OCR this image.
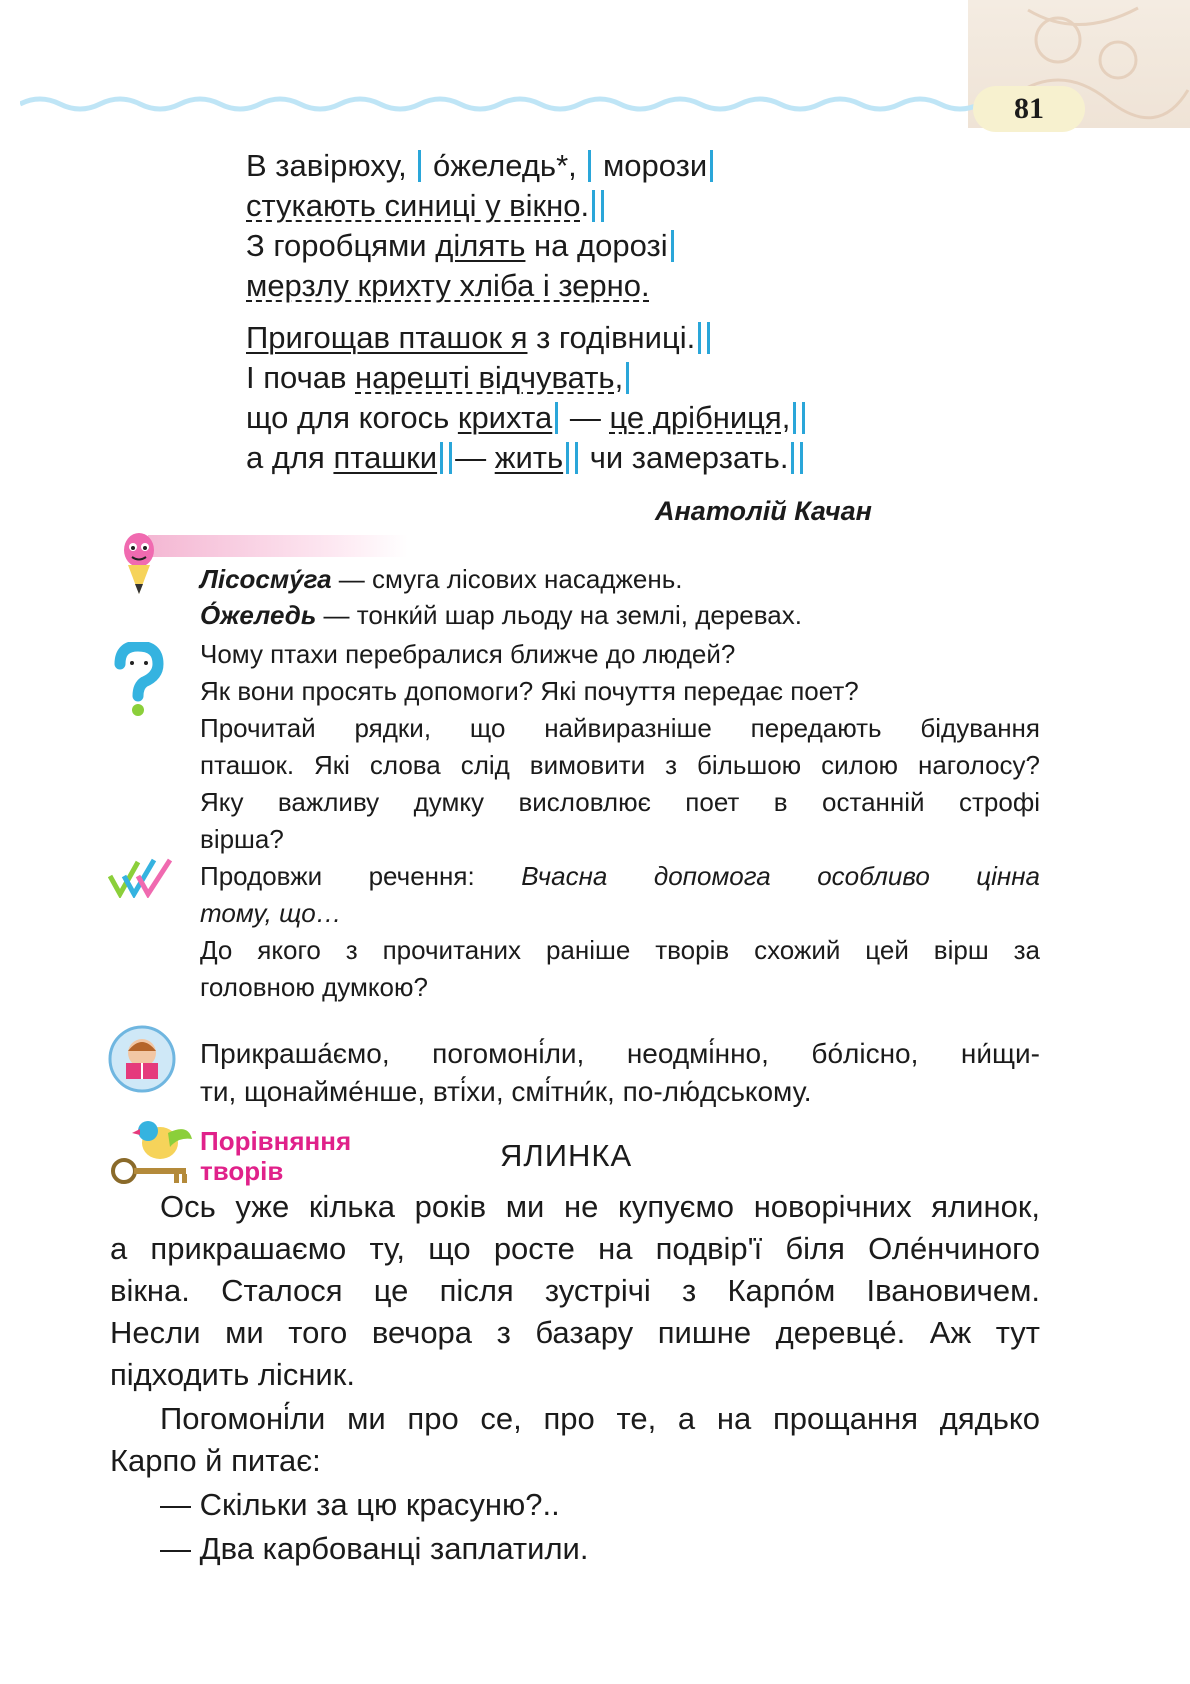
81
В завірюху,  о́желедь*,  морози
стукають синиці у вікно.
З горобцями ділять на дорозі
мерзлу крихту хліба і зерно.
Пригощав пташок я з годівниці.
І почав нарешті відчувать,
що для когось крихта — це дрібниця,
а для пташки — жить чи замерзать.
Анатолій Качан
Лісосму́га — смуга лісових насаджень.
О́желедь — тонки́й шар льоду на землі, деревах.
Чому птахи перебралися ближче до людей?
Як вони просять допомоги? Які почуття передає поет?
Прочитай рядки, що найвиразніше передають бідування
пташок. Які слова слід вимовити з більшою силою наголосу?
Яку важливу думку висловлює поет в останній строфі
вірша?
Продовжи речення: Вчасна допомога особливо цінна
тому, що…
До якого з прочитаних раніше творів схожий цей вірш за
головною думкою?
Прикраша́ємо, погомоні́ли, неодмі́нно, бо́лісно, ни́щи-
ти, щонайме́нше, вті́хи, смі́тни́к, по-лю́дському.
Порівняння
творів	ЯЛИНКА
Ось уже кілька років ми не купуємо новорічних ялинок,
а прикрашаємо ту, що росте на подвір'ї біля Оле́нчиного
вікна. Сталося це після зустрічі з Карпо́м Івановичем.
Несли ми того вечора з базару пишне деревце́. Аж тут
підходить лісник.
Погомоні́ли ми про се, про те, а на прощання дядько
Карпо й питає:
— Скільки за цю красуню?..
— Два карбованці заплатили.
